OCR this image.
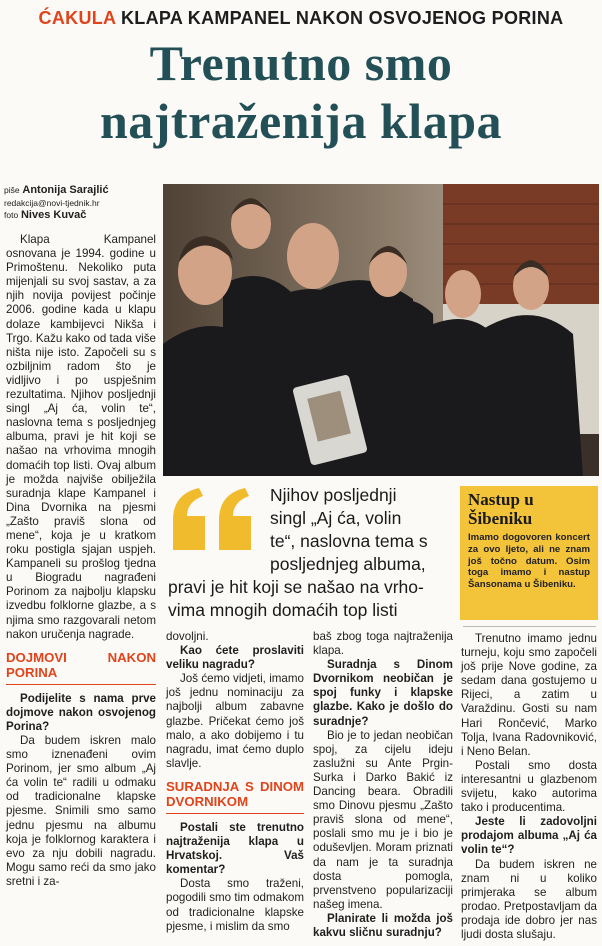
ĆAKULA KLAPA KAMPANEL NAKON OSVOJENOG PORINA
Trenutno smo
najtraženija klapa
piše Antonija Sarajlić
redakcija@novi-tjednik.hr
foto Nives Kuvač

Klapa Kampanel osnovana je 1994. godine u Primoštenu. Nekoliko puta mijenjali su svoj sastav, a za njih novija povijest počinje 2006. godine kada u klapu dolaze kambijevci Nikša i Trgo. Kažu kako od tada više ništa nije isto. Započeli su s ozbiljnim radom što je vidljivo i po uspješnim rezultatima. Njihov posljednji singl „Aj ća, volin te“, naslovna tema s posljednjeg albuma, pravi je hit koji se našao na vrhovima mnogih domaćih top listi. Ovaj album je možda najviše obilježila suradnja klape Kampanel i Dina Dvornika na pjesmi „Zašto praviš slona od mene“, koja je u kratkom roku postigla sjajan uspjeh. Kampaneli su prošlog tjedna u Biogradu nagrađeni Porinom za najbolju klapsku izvedbu folklorne glazbe, a s njima smo razgovarali netom nakon uručenja nagrade.

DOJMOVI NAKON PORINA

Podijelite s nama prve dojmove nakon osvojenog Porina?

Da budem iskren malo smo iznenađeni ovim Porinom, jer smo album „Aj ća volin te“ radili u odmaku od tradicionalne klapske pjesme. Snimili smo samo jednu pjesmu na albumu koja je folklornog karaktera i evo za nju dobili nagradu. Mogu samo reći da smo jako sretni i za-

Njihov posljednji
singl „Aj ća, volin
te“, naslovna tema s
posljednjeg albuma,
pravi je hit koji se našao na vrho-
vima mnogih domaćih top listi
Nastup u Šibeniku
Imamo dogovoren koncert za ovo ljeto, ali ne znam još točno datum. Osim toga imamo i nastup Šansonama u Šibeniku.

dovoljni.

Kao ćete proslaviti veliku nagradu?

Još ćemo vidjeti, imamo još jednu nominaciju za najbolji album zabavne glazbe. Pričekat ćemo još malo, a ako dobijemo i tu nagradu, imat ćemo duplo slavlje.

SURADNJA S DINOM DVORNIKOM

Postali ste trenutno najtraženija klapa u Hrvatskoj. Vaš komentar?

Dosta smo traženi, pogodili smo tim odmakom od tradicionalne klapske pjesme, i mislim da smo

baš zbog toga najtraženija klapa.

Suradnja s Dinom Dvornikom neobičan je spoj funky i klapske glazbe. Kako je došlo do suradnje?

Bio je to jedan neobičan spoj, za cijelu ideju zaslužni su Ante Prgin-Surka i Darko Bakić iz Dancing beara. Obradili smo Dinovu pjesmu „Zašto praviš slona od mene“, poslali smo mu je i bio je oduševljen. Moram priznati da nam je ta suradnja dosta pomogla, prvenstveno popularizaciji našeg imena.

Planirate li možda još kakvu sličnu suradnju?

Trenutno imamo jednu turneju, koju smo započeli još prije Nove godine, za sedam dana gostujemo u Rijeci, a zatim u Varaždinu. Gosti su nam Hari Rončević, Marko Tolja, Ivana Radovniković, i Neno Belan.

Postali smo dosta interesantni u glazbenom svijetu, kako autorima tako i producentima.

Jeste li zadovoljni prodajom albuma „Aj ća volin te“?

Da budem iskren ne znam ni u koliko primjeraka se album prodao. Pretpostavljam da prodaja ide dobro jer nas ljudi dosta slušaju.
